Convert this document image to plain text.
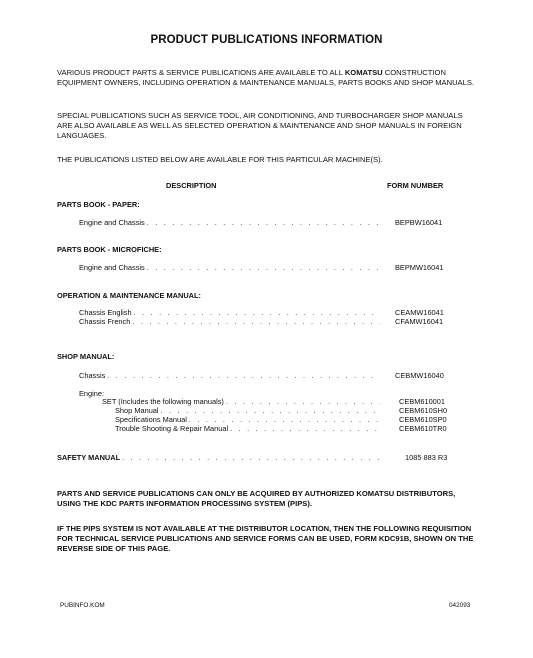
PRODUCT PUBLICATIONS INFORMATION
VARIOUS PRODUCT PARTS & SERVICE PUBLICATIONS ARE AVAILABLE TO ALL KOMATSU CONSTRUCTION EQUIPMENT OWNERS, INCLUDING OPERATION & MAINTENANCE MANUALS, PARTS BOOKS AND SHOP MANUALS.
SPECIAL PUBLICATIONS SUCH AS SERVICE TOOL, AIR CONDITIONING, AND TURBOCHARGER SHOP MANUALS ARE ALSO AVAILABLE AS WELL AS SELECTED OPERATION & MAINTENANCE AND SHOP MANUALS IN FOREIGN LANGUAGES.
THE PUBLICATIONS LISTED BELOW ARE AVAILABLE FOR THIS PARTICULAR MACHINE(S).
DESCRIPTION	FORM NUMBER
PARTS BOOK - PAPER:
Engine and Chassis . . .	BEPBW16041
PARTS BOOK - MICROFICHE:
Engine and Chassis . . .	BEPMW16041
OPERATION & MAINTENANCE MANUAL:
Chassis English . . .	CEAMW16041
Chassis French . . .	CFAMW16041
SHOP MANUAL:
Chassis . . .	CEBMW16040
Engine:
SET (Includes the following manuals) . . .	CEBM610001
Shop Manual . . .	CEBM610SH0
Specifications Manual . . .	CEBM610SP0
Trouble Shooting & Repair Manual . . .	CEBM610TR0
SAFETY MANUAL . . .	1085 883 R3
PARTS AND SERVICE PUBLICATIONS CAN ONLY BE ACQUIRED BY AUTHORIZED KOMATSU DISTRIBUTORS, USING THE KDC PARTS INFORMATION PROCESSING SYSTEM (PIPS).
IF THE PIPS SYSTEM IS NOT AVAILABLE AT THE DISTRIBUTOR LOCATION, THEN THE FOLLOWING REQUISITION FOR TECHNICAL SERVICE PUBLICATIONS AND SERVICE FORMS CAN BE USED, FORM KDC91B, SHOWN ON THE REVERSE SIDE OF THIS PAGE.
PUBINFO.KOM	042093
